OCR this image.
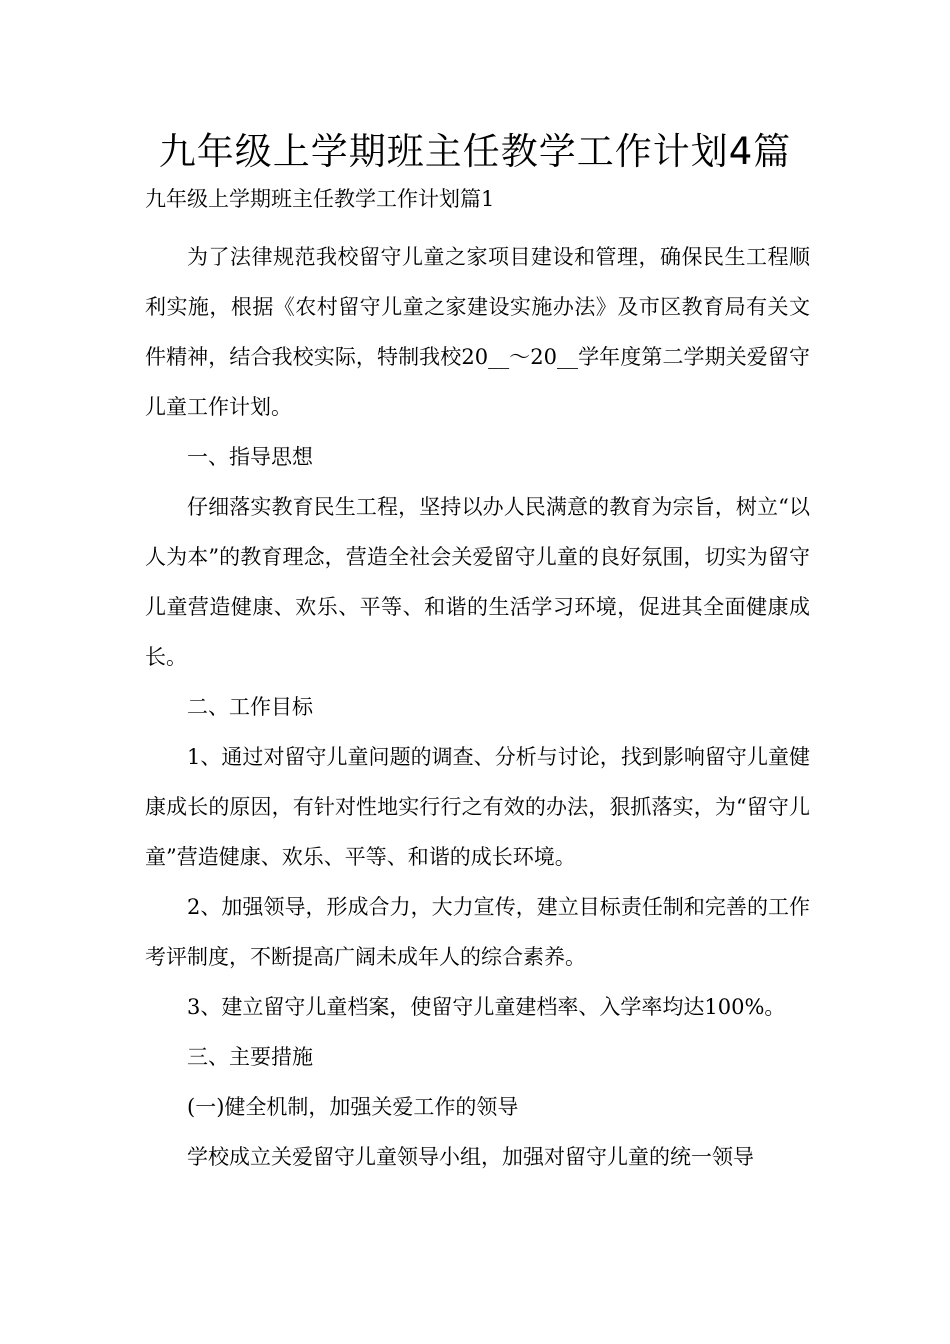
九年级上学期班主任教学工作计划4篇

九年级上学期班主任教学工作计划篇1

为了法律规范我校留守儿童之家项目建设和管理，确保民生工程顺利实施，根据《农村留守儿童之家建设实施办法》及市区教育局有关文件精神，结合我校实际，特制我校20__～20__学年度第二学期关爱留守儿童工作计划。

一、指导思想

仔细落实教育民生工程，坚持以办人民满意的教育为宗旨，树立“以人为本”的教育理念，营造全社会关爱留守儿童的良好氛围，切实为留守儿童营造健康、欢乐、平等、和谐的生活学习环境，促进其全面健康成长。

二、工作目标

1、通过对留守儿童问题的调查、分析与讨论，找到影响留守儿童健康成长的原因，有针对性地实行行之有效的办法，狠抓落实，为“留守儿童”营造健康、欢乐、平等、和谐的成长环境。

2、加强领导，形成合力，大力宣传，建立目标责任制和完善的工作考评制度，不断提高广阔未成年人的综合素养。

3、建立留守儿童档案，使留守儿童建档率、入学率均达100%。

三、主要措施

(一)健全机制，加强关爱工作的领导

学校成立关爱留守儿童领导小组，加强对留守儿童的统一领导
